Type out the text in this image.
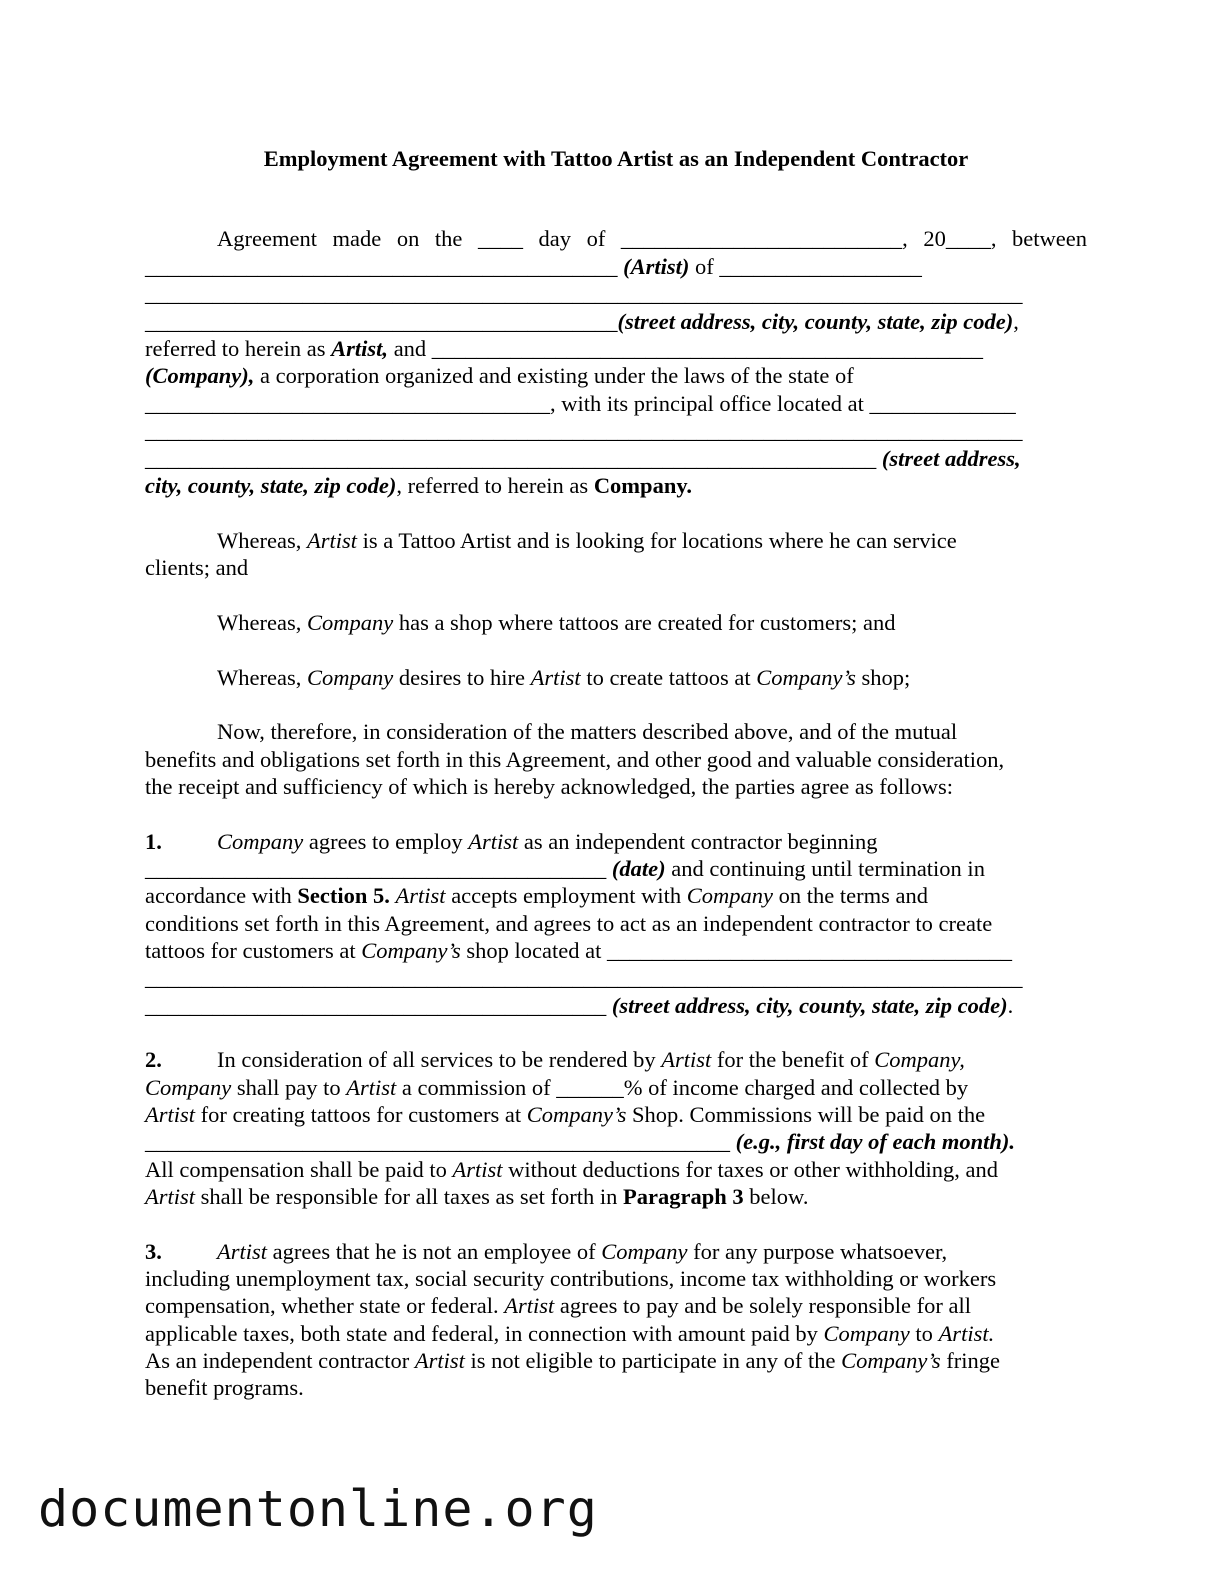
Employment Agreement with Tattoo Artist as an Independent Contractor
Agreement made on the ____ day of _________________________, 20____, between
__________________________________________ (Artist) of __________________
______________________________________________________________________________
__________________________________________(street address, city, county, state, zip code),
referred to herein as Artist, and _________________________________________________
(Company), a corporation organized and existing under the laws of the state of
____________________________________, with its principal office located at _____________
______________________________________________________________________________
_________________________________________________________________ (street address,
city, county, state, zip code), referred to herein as Company.
Whereas, Artist is a Tattoo Artist and is looking for locations where he can service
clients; and
Whereas, Company has a shop where tattoos are created for customers; and
Whereas, Company desires to hire Artist to create tattoos at Company’s shop;
Now, therefore, in consideration of the matters described above, and of the mutual
benefits and obligations set forth in this Agreement, and other good and valuable consideration,
the receipt and sufficiency of which is hereby acknowledged, the parties agree as follows:
1. Company agrees to employ Artist as an independent contractor beginning
_________________________________________ (date) and continuing until termination in
accordance with Section 5. Artist accepts employment with Company on the terms and
conditions set forth in this Agreement, and agrees to act as an independent contractor to create
tattoos for customers at Company’s shop located at ____________________________________
______________________________________________________________________________
_________________________________________ (street address, city, county, state, zip code).
2. In consideration of all services to be rendered by Artist for the benefit of Company,
Company shall pay to Artist a commission of ______% of income charged and collected by
Artist for creating tattoos for customers at Company’s Shop. Commissions will be paid on the
____________________________________________________ (e.g., first day of each month).
All compensation shall be paid to Artist without deductions for taxes or other withholding, and
Artist shall be responsible for all taxes as set forth in Paragraph 3 below.
3. Artist agrees that he is not an employee of Company for any purpose whatsoever,
including unemployment tax, social security contributions, income tax withholding or workers
compensation, whether state or federal. Artist agrees to pay and be solely responsible for all
applicable taxes, both state and federal, in connection with amount paid by Company to Artist.
As an independent contractor Artist is not eligible to participate in any of the Company’s fringe
benefit programs.
documentonline.org
